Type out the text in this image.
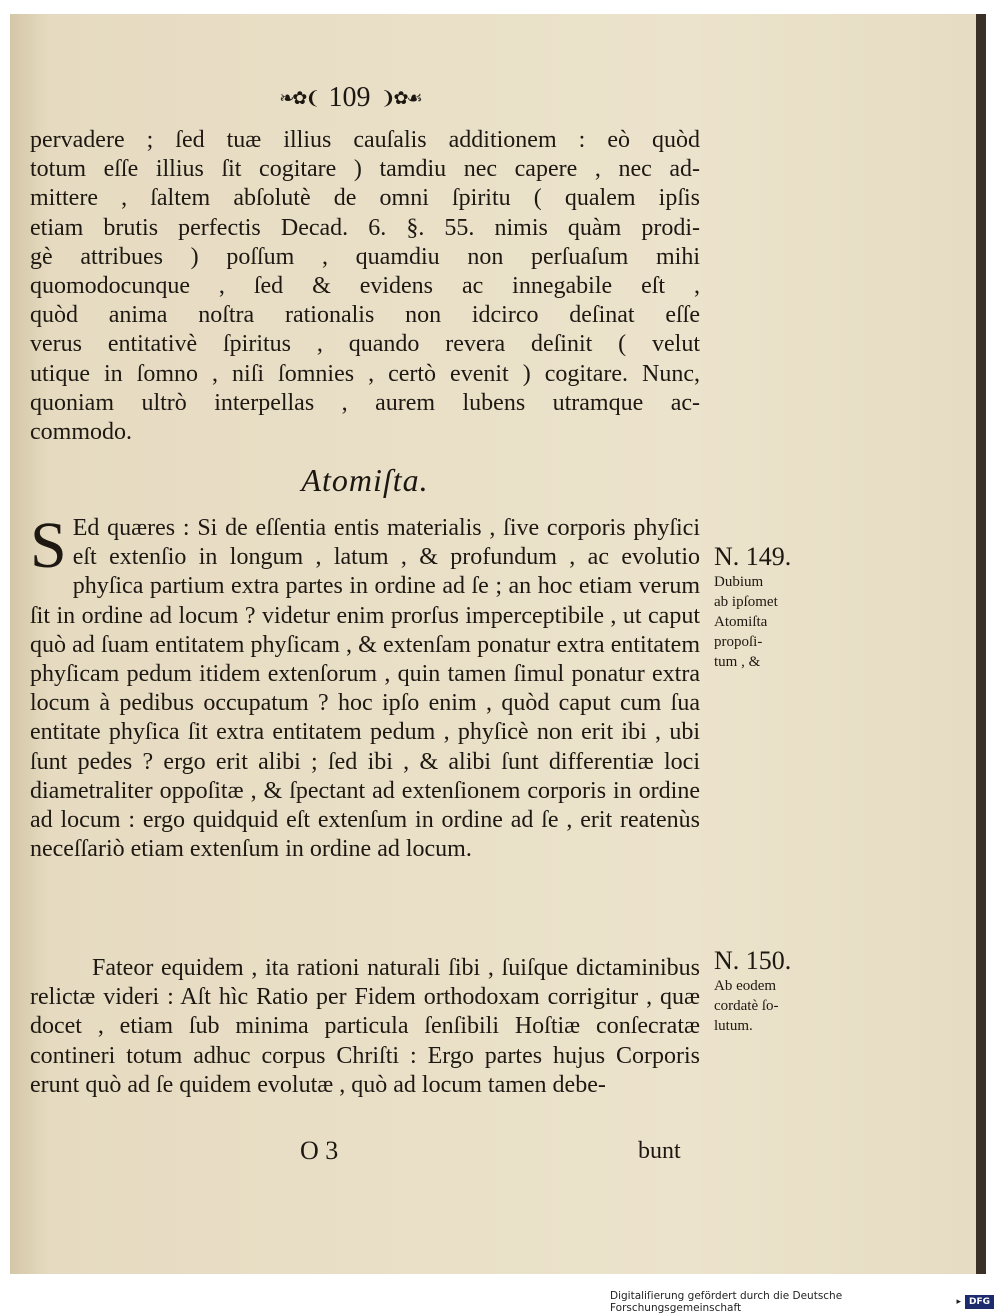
❧✿❨ 109 ❩✿☙

pervadere ; ſed tuæ illius cauſalis additionem : eò quòd

totum eſſe illius ſit cogitare ) tamdiu nec capere , nec ad-

mittere , ſaltem abſolutè de omni ſpiritu ( qualem ipſis

etiam brutis perfectis Decad. 6. §. 55. nimis quàm prodi-

gè attribues ) poſſum , quamdiu non perſuaſum mihi

quomodocunque , ſed & evidens ac innegabile eſt ,

quòd anima noſtra rationalis non idcirco deſinat eſſe

verus entitativè ſpiritus , quando revera deſinit ( velut

utique in ſomno , niſi ſomnies , certò evenit ) cogitare. Nunc,

quoniam ultrò interpellas , aurem lubens utramque ac-

commodo.

Atomiſta.
S Ed quæres : Si de eſſentia entis materialis , ſive corporis phyſici eſt extenſio in longum , latum , & profundum , ac evolutio phyſica partium extra partes in ordine ad ſe ; an hoc etiam verum ſit in ordine ad locum ? videtur enim prorſus imperceptibile , ut caput quò ad ſuam entitatem phyſicam , & extenſam ponatur extra entitatem phyſicam pedum itidem extenſorum , quin tamen ſimul ponatur extra locum à pedibus occupatum ? hoc ipſo enim , quòd caput cum ſua entitate phyſica ſit extra entitatem pedum , phyſicè non erit ibi , ubi ſunt pedes ? ergo erit alibi ; ſed ibi , & alibi ſunt differentiæ loci diametraliter oppoſitæ , & ſpectant ad extenſionem corporis in ordine ad locum : ergo quidquid eſt extenſum in ordine ad ſe , erit reatenùs neceſſariò etiam extenſum in ordine ad locum.
Fateor equidem , ita rationi naturali ſibi , ſuiſque dictaminibus relictæ videri : Aſt hìc Ratio per Fidem orthodoxam corrigitur , quæ docet , etiam ſub minima particula ſenſibili Hoſtiæ conſecratæ contineri totum adhuc corpus Chriſti : Ergo partes hujus Corporis erunt quò ad ſe quidem evolutæ , quò ad locum tamen debe-
O 3	bunt
N. 149.
Dubium
ab ipſomet
Atomiſta
propoſi-
tum , &
N. 150.
Ab eodem
cordatè ſo-
lutum.
Digitaliſierung gefördert durch die Deutsche Forschungsgemeinschaft	▸ DFG
